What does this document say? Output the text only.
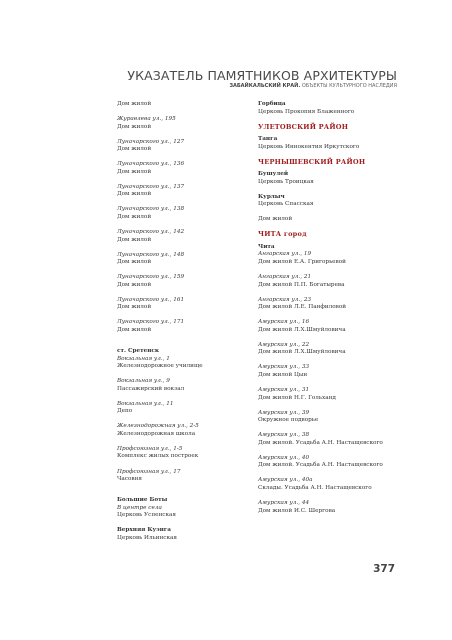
УКАЗАТЕЛЬ ПАМЯТНИКОВ АРХИТЕКТУРЫ
ЗАБАЙКАЛЬСКИЙ КРАЙ. ОБЪЕКТЫ КУЛЬТУРНОГО НАСЛЕДИЯ
Дом жилой
Журавлева ул., 195
Дом жилой
Луначарского ул., 127
Дом жилой
Луначарского ул., 136
Дом жилой
Луначарского ул., 137
Дом жилой
Луначарского ул., 138
Дом жилой
Луначарского ул., 142
Дом жилой
Луначарского ул., 148
Дом жилой
Луначарского ул., 159
Дом жилой
Луначарского ул., 161
Дом жилой
Луначарского ул., 171
Дом жилой
ст. Сретенск
Вокзальная ул., 1
Железнодорожное училище
Вокзальная ул., 9
Пассажирский вокзал
Вокзальная ул., 11
Депо
Железнодорожная ул., 2-5
Железнодорожная школа
Профсоюзная ул., 1-5
Комплекс жилых построек
Профсоюзная ул., 17
Часовня
Большие Боты
В центре села
Церковь Успенская
Верхняя Куэнга
Церковь Ильинская
Горбица
Церковь Прокопия Блаженного
УЛЕТОВСКИЙ РАЙОН
Танга
Церковь Иннокентия Иркутского
ЧЕРНЫШЕВСКИЙ РАЙОН
Бушулей
Церковь Троицкая
Курлыч
Церковь Спасская
Дом жилой
ЧИТА город
Чита
Ангарская ул., 19
Дом жилой Е.А. Григорьевой
Ангарская ул., 21
Дом жилой П.П. Богатырева
Ангарская ул., 23
Дом жилой Л.Е. Панфиловой
Амурская ул., 16
Дом жилой Л.Х.Шмуйловича
Амурская ул., 22
Дом жилой Л.Х.Шмуйловича
Амурская ул., 33
Дом жилой Цын
Амурская ул., 31
Дом жилой Н.Г. Гольханд
Амурская ул., 39
Окружное подворье
Амурская ул., 38
Дом жилой. Усадьба А.Н. Настащевского
Амурская ул., 40
Дом жилой. Усадьба А.Н. Настащевского
Амурская ул., 40а
Склады. Усадьба А.Н. Настащевского
Амурская ул., 44
Дом жилой И.С. Шергова
377
